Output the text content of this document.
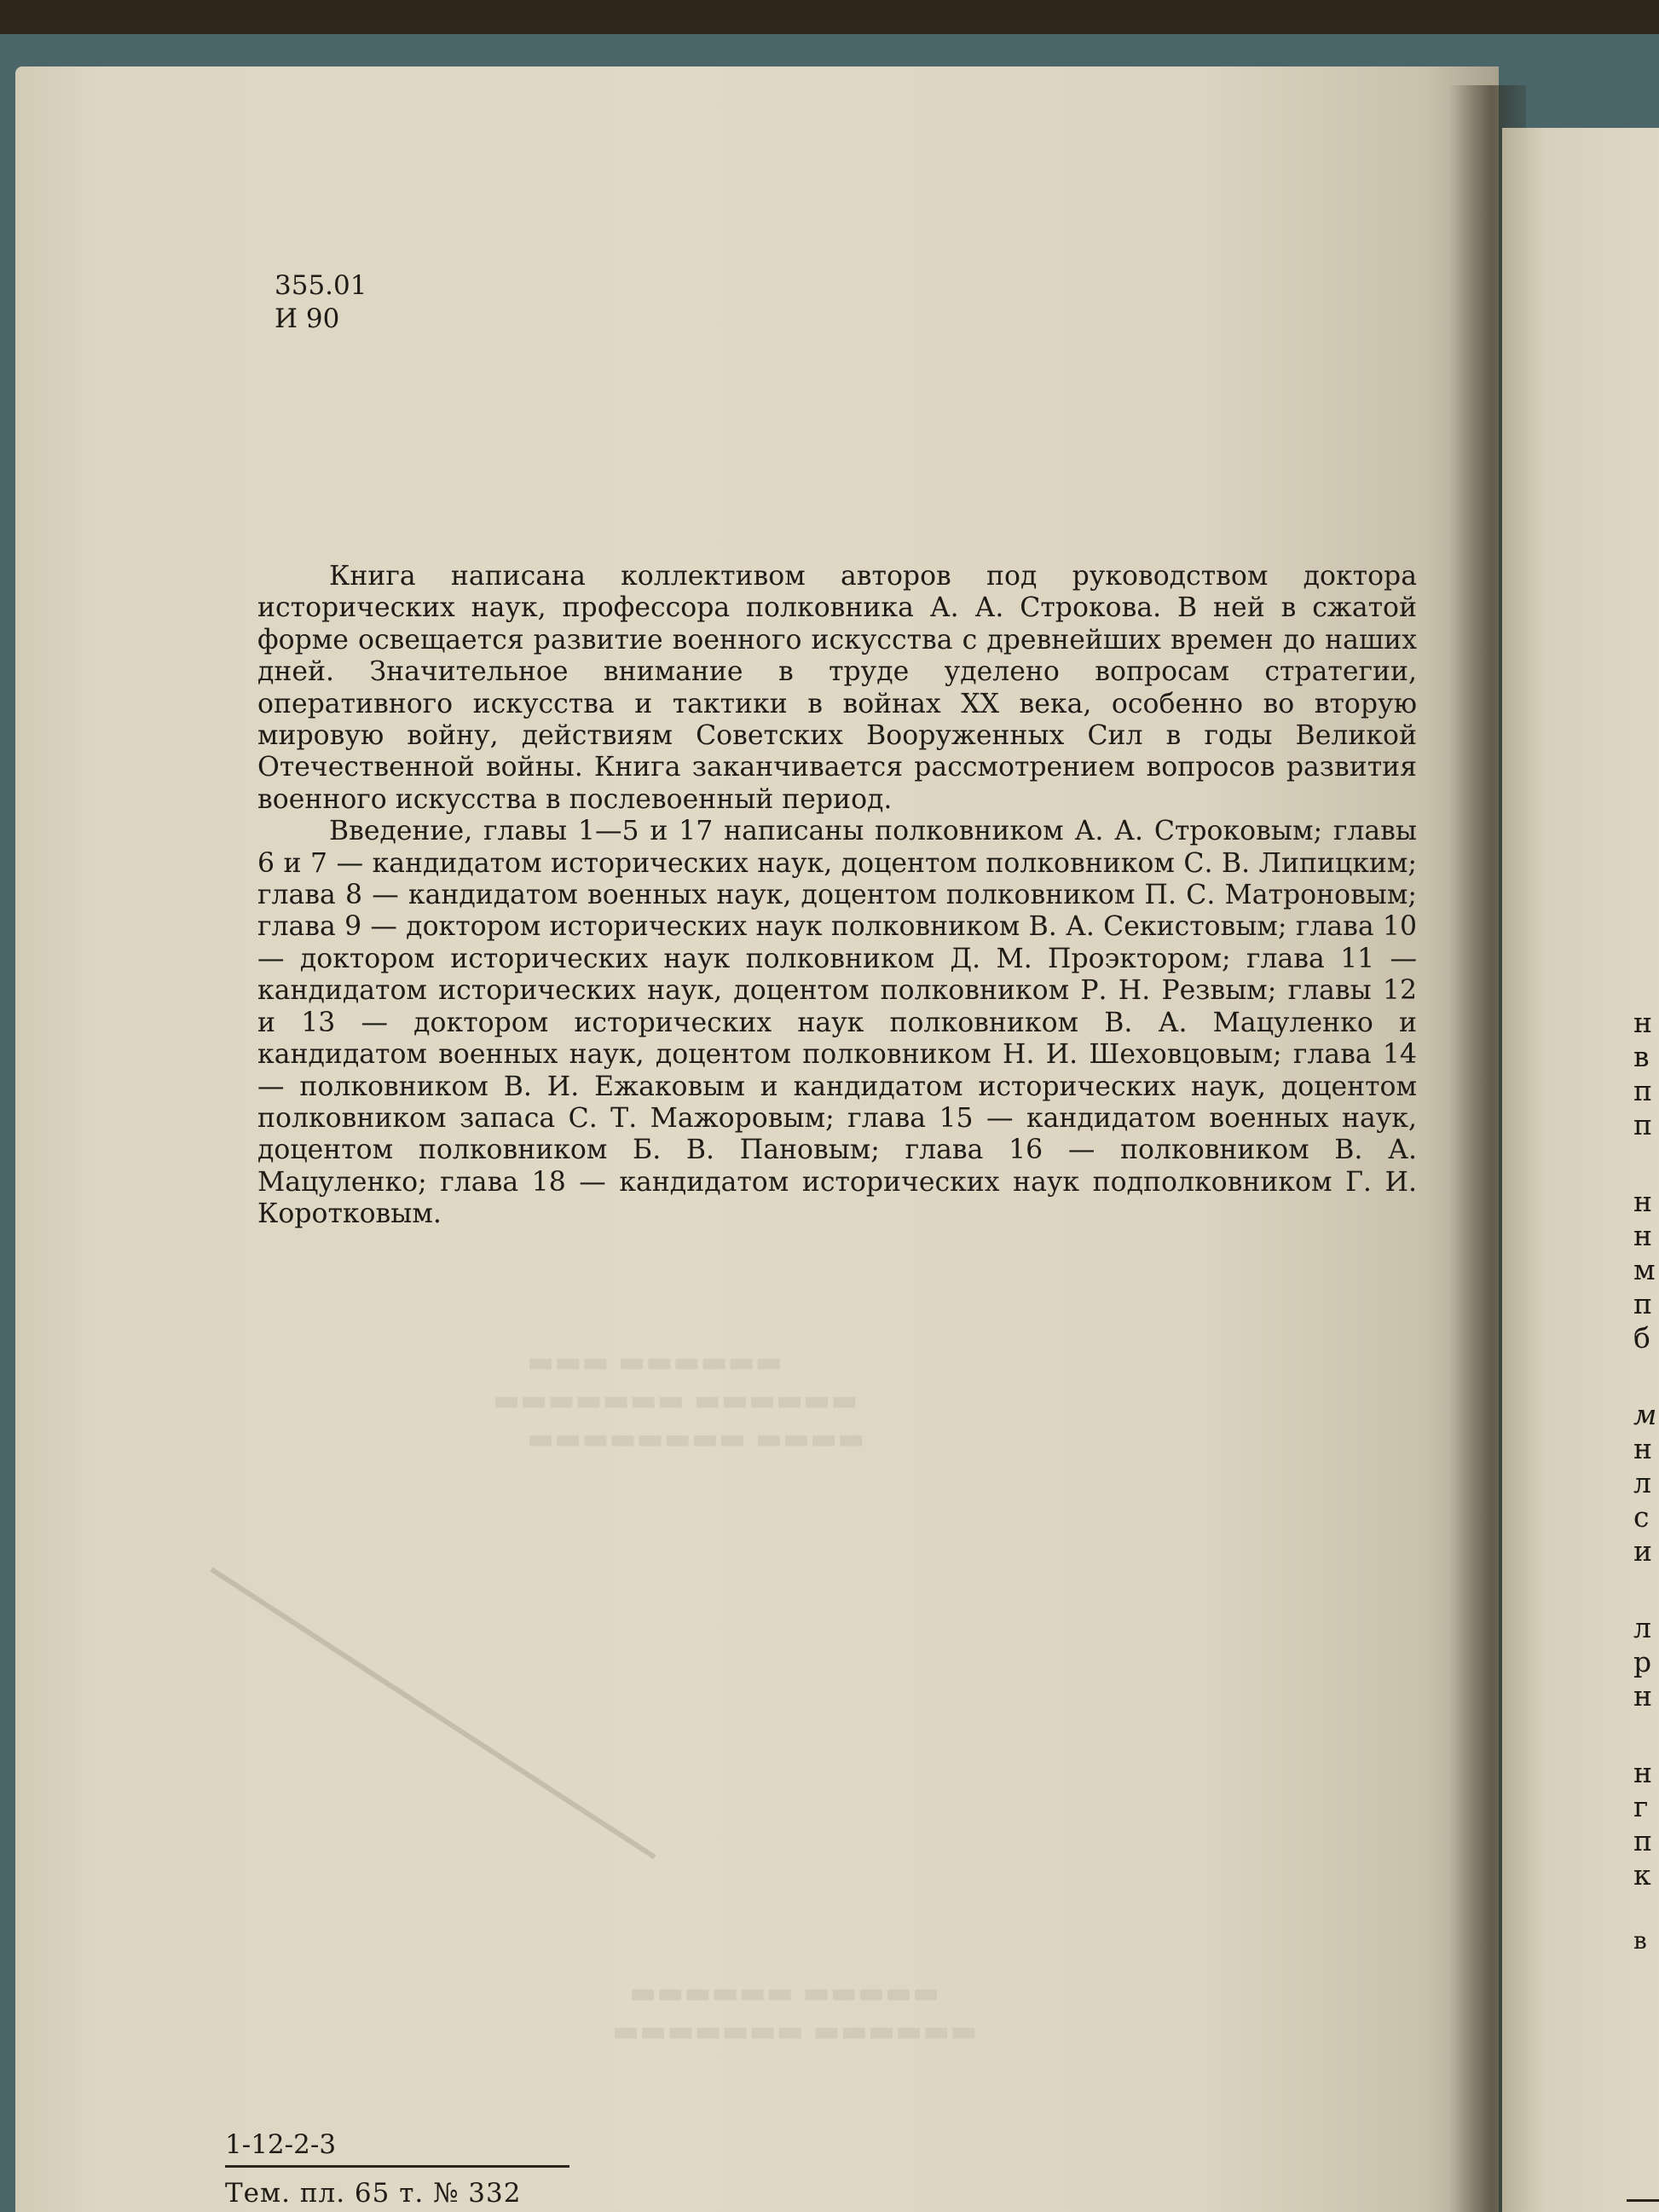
▬▬▬ ▬▬▬▬▬▬
▬▬▬▬▬▬▬ ▬▬▬▬▬▬
▬▬▬▬▬▬▬▬ ▬▬▬▬
▬▬▬▬▬▬ ▬▬▬▬▬
▬▬▬▬▬▬▬ ▬▬▬▬▬▬
355.01
И 90

Книга написана коллективом авторов под руководством доктора исторических наук, профессора полковника А. А. Строкова. В ней в сжатой форме освещается развитие военного искусства с древнейших времен до наших дней. Значительное внимание в труде уделено вопросам стратегии, оперативного искусства и тактики в войнах XX века, особенно во вторую мировую войну, действиям Советских Вооруженных Сил в годы Великой Отечественной войны. Книга заканчивается рассмотрением вопросов развития военного искусства в послевоенный период.

Введение, главы 1—5 и 17 написаны полковником А. А. Строковым; главы 6 и 7 — кандидатом исторических наук, доцентом полковником С. В. Липицким; глава 8 — кандидатом военных наук, доцентом полковником П. С. Матроновым; глава 9 — доктором исторических наук полковником В. А. Секистовым; глава 10 — доктором исторических наук полковником Д. М. Проэктором; глава 11 — кандидатом исторических наук, доцентом полковником Р. Н. Резвым; главы 12 и 13 — доктором исторических наук полковником В. А. Мацуленко и кандидатом военных наук, доцентом полковником Н. И. Шеховцовым; глава 14 — полковником В. И. Ежаковым и кандидатом исторических наук, доцентом полковником запаса С. Т. Мажоровым; глава 15 — кандидатом военных наук, доцентом полковником Б. В. Пановым; глава 16 — полковником В. А. Мацуленко; глава 18 — кандидатом исторических наук подполковником Г. И. Коротковым.

1-12-2-3
Тем. пл. 65 т. № 332
н
в
п
п
н
н
м
п
б
м
н
л
с
и
л
р
н
н
г
п
к
в
